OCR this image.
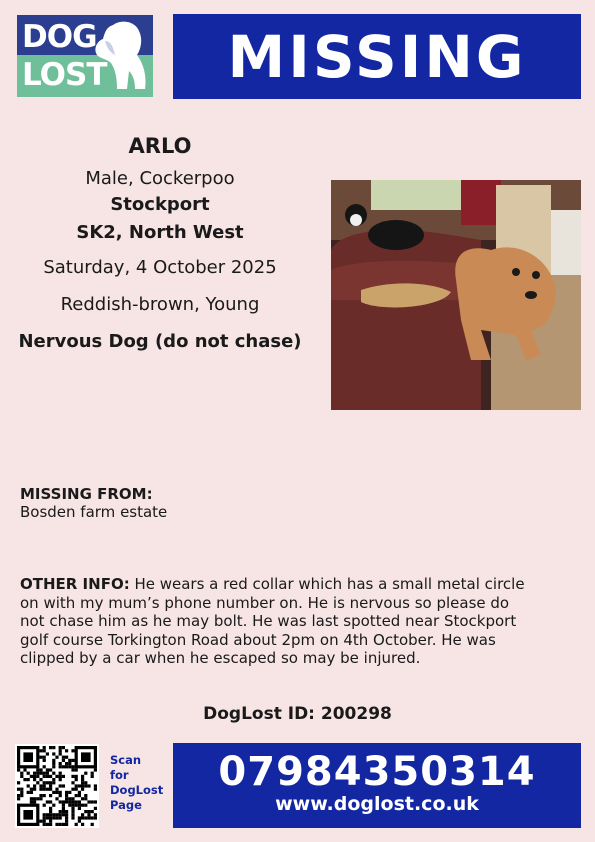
DOG
LOST	MISSING
ARLO
Male, Cockerpoo
Stockport
SK2, North West
Saturday, 4 October 2025
Reddish-brown, Young
Nervous Dog (do not chase)
MISSING FROM:
Bosden farm estate
OTHER INFO: He wears a red collar which has a small metal circle on with my mum’s phone number on. He is nervous so please do not chase him as he may bolt. He was last spotted near Stockport golf course Torkington Road about 2pm on 4th October. He was clipped by a car when he escaped so may be injured.
DogLost ID: 200298
Scan
for
DogLost
Page
07984350314
www.doglost.co.uk
